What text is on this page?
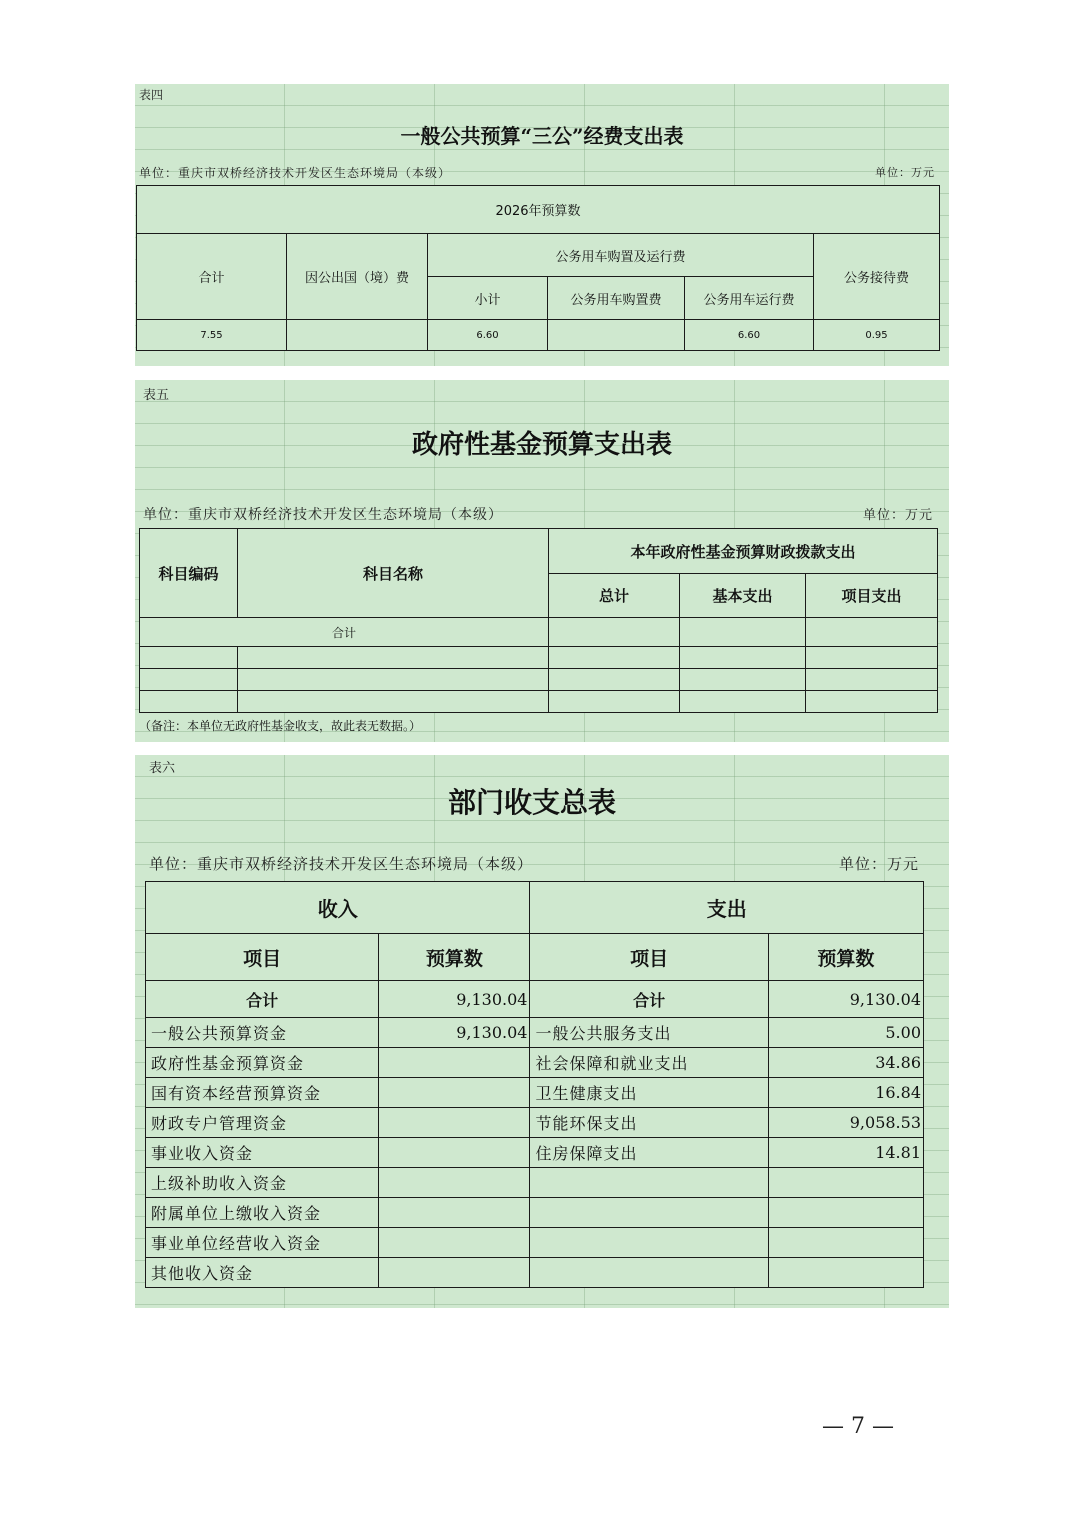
表四
一般公共预算“三公”经费支出表
单位：重庆市双桥经济技术开发区生态环境局（本级）	单位：万元
2026年预算数					
合计	因公出国（境）费	公务用车购置及运行费			公务接待费
		小计	公务用车购置费	公务用车运行费	
7.55		6.60		6.60	0.95
表五
政府性基金预算支出表
单位：重庆市双桥经济技术开发区生态环境局（本级）	单位：万元
科目编码	科目名称	本年政府性基金预算财政拨款支出		
		总计	基本支出	项目支出
合计				

（备注：本单位无政府性基金收支，故此表无数据。）
表六
部门收支总表
单位：重庆市双桥经济技术开发区生态环境局（本级）	单位：万元
收入		支出	
项目	预算数	项目	预算数
合计	9,130.04	合计	9,130.04
一般公共预算资金	9,130.04	一般公共服务支出	5.00
政府性基金预算资金		社会保障和就业支出	34.86
国有资本经营预算资金		卫生健康支出	16.84
财政专户管理资金		节能环保支出	9,058.53
事业收入资金		住房保障支出	14.81
上级补助收入资金			
附属单位上缴收入资金			
事业单位经营收入资金			
其他收入资金			
— 7 —
